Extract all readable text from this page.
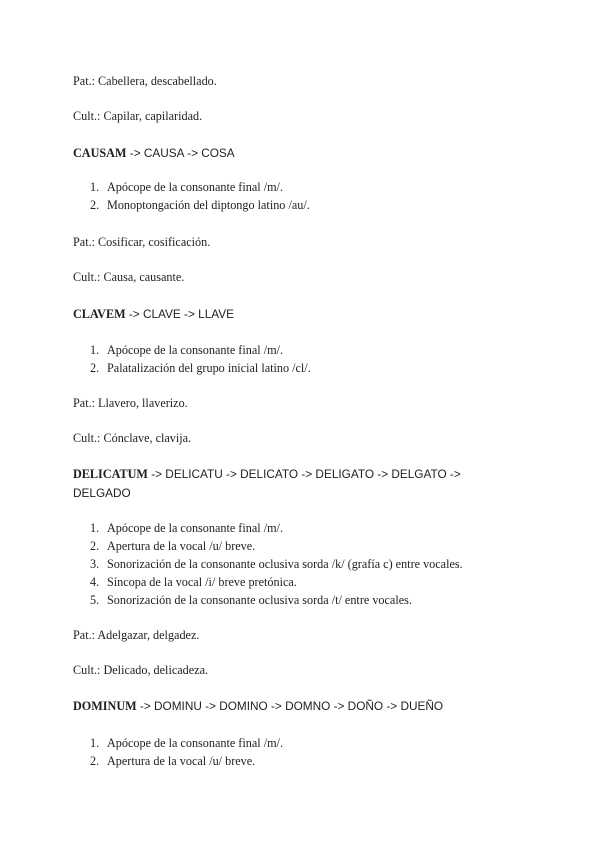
Pat.: Cabellera, descabellado.
Cult.: Capilar, capilaridad.
CAUSAM -> CAUSA -> COSA
1. Apócope de la consonante final /m/.
2. Monoptongación del diptongo latino /au/.
Pat.: Cosificar, cosificación.
Cult.: Causa, causante.
CLAVEM -> CLAVE -> LLAVE
1. Apócope de la consonante final /m/.
2. Palatalización del grupo inicial latino /cl/.
Pat.: Llavero, llaverizo.
Cult.: Cónclave, clavija.
DELICATUM -> DELICATU -> DELICATO -> DELIGATO -> DELGATO -> DELGADO
1. Apócope de la consonante final /m/.
2. Apertura de la vocal /u/ breve.
3. Sonorización de la consonante oclusiva sorda /k/ (grafía c) entre vocales.
4. Síncopa de la vocal /i/ breve pretónica.
5. Sonorización de la consonante oclusiva sorda /t/ entre vocales.
Pat.: Adelgazar, delgadez.
Cult.: Delicado, delicadeza.
DOMINUM -> DOMINU -> DOMINO -> DOMNO -> DOÑO -> DUEÑO
1. Apócope de la consonante final /m/.
2. Apertura de la vocal /u/ breve.
